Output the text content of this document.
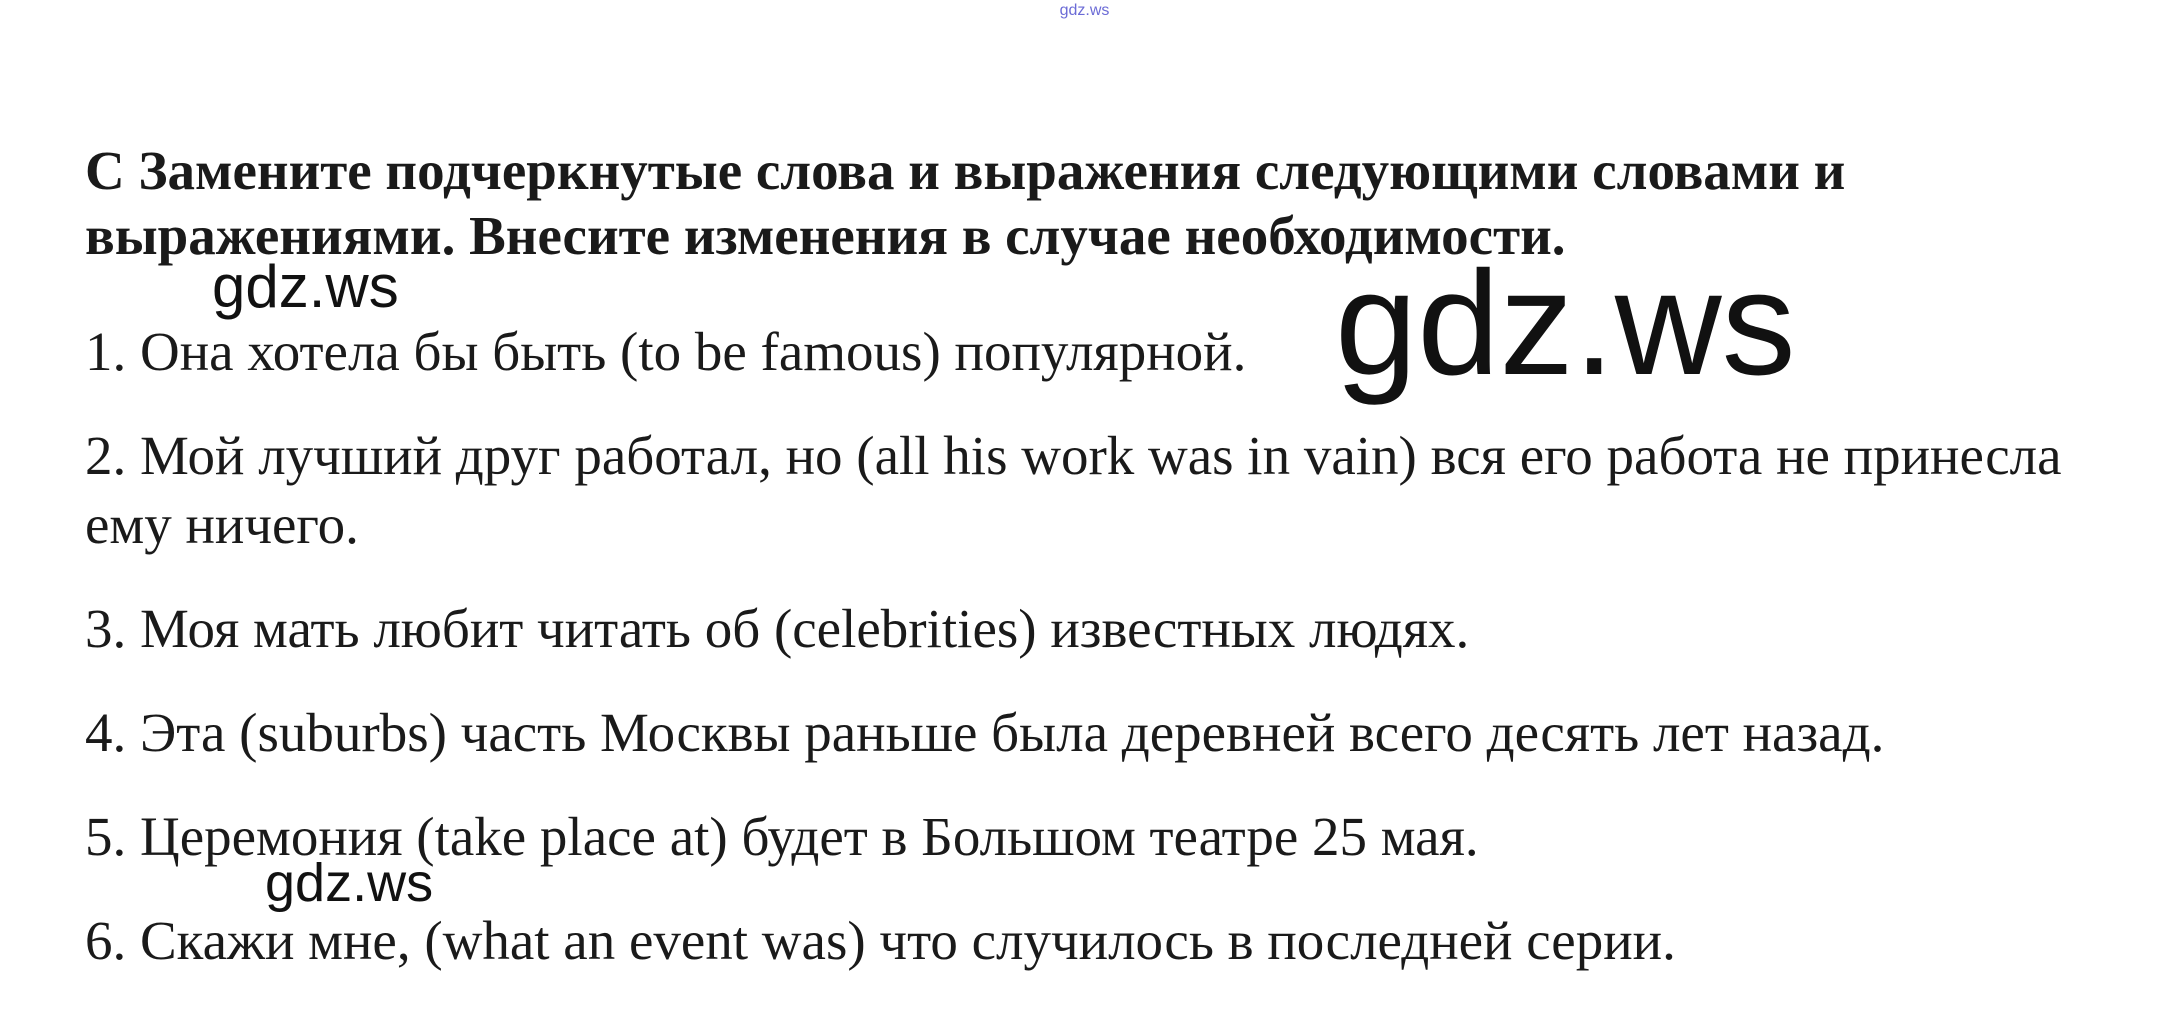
gdz.ws

С Замените подчеркнутые слова и выражения следующими словами и выражениями. Внесите изменения в случае необходимости.

1. Она хотела бы быть (to be famous) популярной.

2. Мой лучший друг работал, но (all his work was in vain) вся его работа не принесла ему ничего.

3. Моя мать любит читать об (celebrities) известных людях.

4. Эта (suburbs) часть Москвы раньше была деревней всего десять лет назад.

5. Церемония (take place at) будет в Большом театре 25 мая.

6. Скажи мне, (what an event was) что случилось в последней серии.

gdz.ws	gdz.ws
gdz.ws
